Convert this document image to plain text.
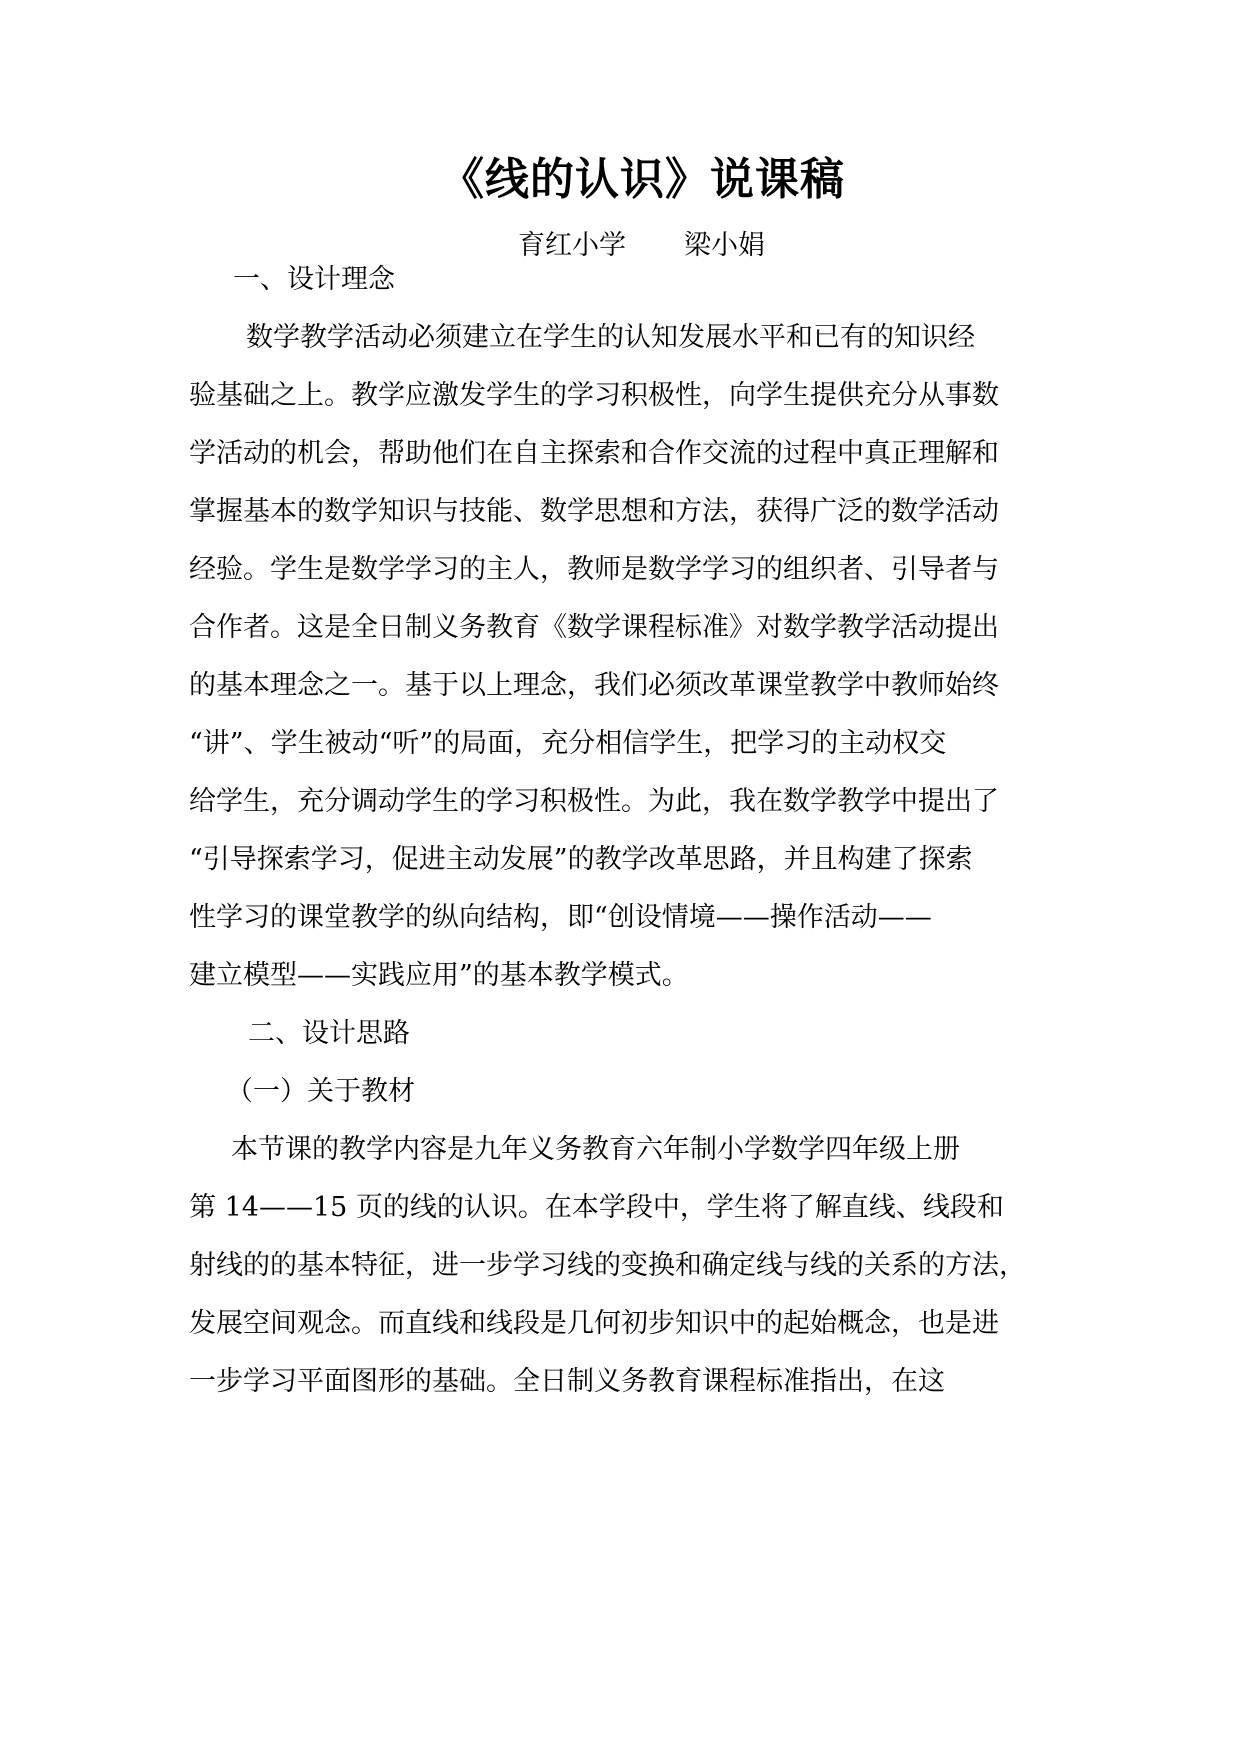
《线的认识》说课稿
育红小学 梁小娟
一、设计理念
数学教学活动必须建立在学生的认知发展水平和已有的知识经
验基础之上。教学应激发学生的学习积极性，向学生提供充分从事数
学活动的机会，帮助他们在自主探索和合作交流的过程中真正理解和
掌握基本的数学知识与技能、数学思想和方法，获得广泛的数学活动
经验。学生是数学学习的主人，教师是数学学习的组织者、引导者与
合作者。这是全日制义务教育《数学课程标准》对数学教学活动提出
的基本理念之一。基于以上理念，我们必须改革课堂教学中教师始终
“讲”、学生被动“听”的局面，充分相信学生，把学习的主动权交
给学生，充分调动学生的学习积极性。为此，我在数学教学中提出了
“引导探索学习，促进主动发展”的教学改革思路，并且构建了探索
性学习的课堂教学的纵向结构，即“创设情境——操作活动——
建立模型——实践应用”的基本教学模式。
二、设计思路
（一）关于教材
本节课的教学内容是九年义务教育六年制小学数学四年级上册
第 14——15 页的线的认识。在本学段中，学生将了解直线、线段和
射线的的基本特征，进一步学习线的变换和确定线与线的关系的方法，
发展空间观念。而直线和线段是几何初步知识中的起始概念，也是进
一步学习平面图形的基础。全日制义务教育课程标准指出，在这
